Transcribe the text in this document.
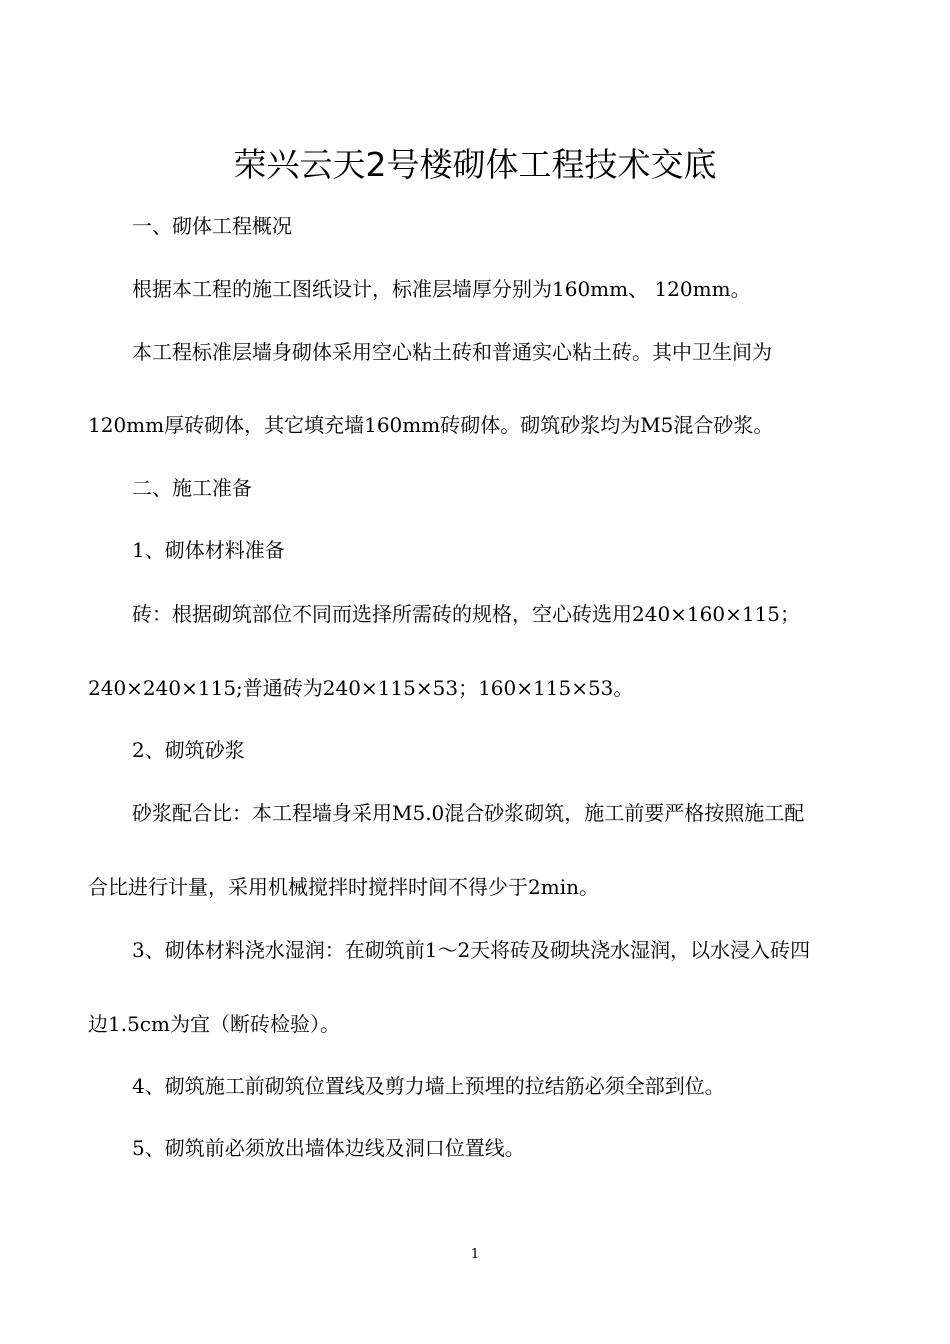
荣兴云天2号楼砌体工程技术交底

一、砌体工程概况

根据本工程的施工图纸设计，标准层墙厚分别为160mm、 120mm。

本工程标准层墙身砌体采用空心粘土砖和普通实心粘土砖。其中卫生间为

120mm厚砖砌体，其它填充墙160mm砖砌体。砌筑砂浆均为M5混合砂浆。

二、施工准备

1、砌体材料准备

砖：根据砌筑部位不同而选择所需砖的规格，空心砖选用240×160×115；

240×240×115;普通砖为240×115×53；160×115×53。

2、砌筑砂浆

砂浆配合比：本工程墙身采用M5.0混合砂浆砌筑，施工前要严格按照施工配

合比进行计量，采用机械搅拌时搅拌时间不得少于2min。

3、砌体材料浇水湿润：在砌筑前1～2天将砖及砌块浇水湿润，以水浸入砖四

边1.5cm为宜（断砖检验）。

4、砌筑施工前砌筑位置线及剪力墙上预埋的拉结筋必须全部到位。

5、砌筑前必须放出墙体边线及洞口位置线。

1
